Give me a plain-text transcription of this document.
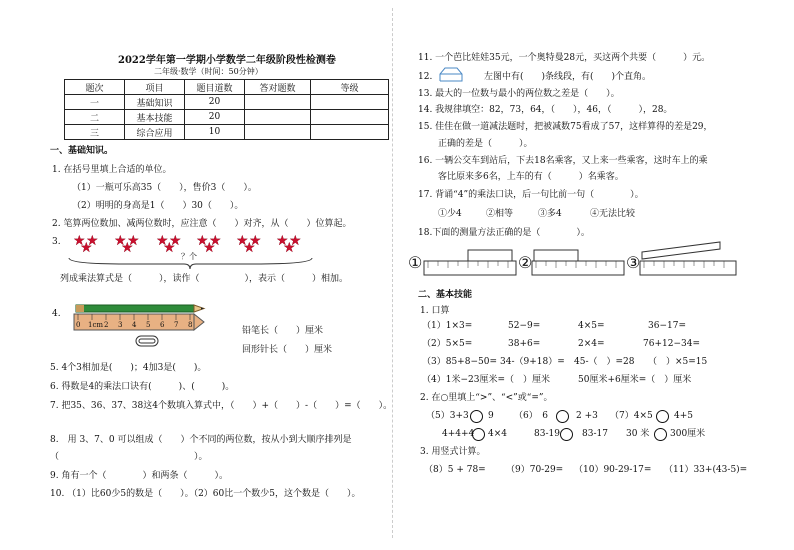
2022学年第一学期小学数学二年级阶段性检测卷
二年级·数学（时间：50分钟）
题次	项目	题目道数	答对题数	等级
一	基础知识	20		
二	基本技能	20		
三	综合应用	10		
一、基础知识。
1. 在括号里填上合适的单位。
（1）一瓶可乐高35（　　），售价3（　　）。
（2）明明的身高是1（　　）30（　　）。
2. 笔算两位数加、减两位数时，应注意（　　）对齐，从（　　）位算起。
3. ★ ★
★ ★ ★
★ ★ ★
★ ★ ★
★ ★ ★
★ ★ ★
★
？个
列成乘法算式是（　　　），读作（　　　　　），表示（　　　）相加。
4.
0 1cm 2 3 4 5 6 7 8
铅笔长（　　）厘米
回形针长（　　）厘米
5. 4个3相加是(　　)；4加3是(　　)。
6. 得数是4的乘法口诀有(　　　)、(　　　)。
7. 把35、36、37、38这4个数填入算式中，（　　）+（　　）-（　　）=（　　）。
8.　用 3、7、0 可以组成（　　）个不同的两位数，按从小到大顺序排列是
（　　　　　　　　　　　　　　　）。
9. 角有一个（　　　　）和两条（　　　）。
10. （1）比60少5的数是（　　）。（2）60比一个数少5，这个数是（　　）。
11. 一个芭比娃娃35元，一个奥特曼28元，买这两个共要（　　　）元。
12.	左图中有(　　)条线段，有(　　)个直角。
13. 最大的一位数与最小的两位数之差是（　　）。
14. 我规律填空：82，73，64，（　　），46，（　　　），28。
15. 佳佳在做一道减法题时，把被减数75看成了57，这样算得的差是29，
正确的差是（　　　）。
16. 一辆公交车到站后，下去18名乘客，又上来一些乘客，这时车上的乘
客比原来多6名，上车的有（　　　）名乘客。
17. 背诵“4”的乘法口诀，后一句比前一句（　　　　）。
①少4	②相等	③多4	④无法比较
18.下面的测量方法正确的是（　　　　）。
①	②	③
二、基本技能
1. 口算
（1）1×3=	52−9=	4×5=	36−17=
（2）5×5=	38+6=	2×4=	76+12−34=
（3）85+8−50= 34-（9+18）= 45-（　）=28 （　）×5=15
（4）1米−23厘米=（　）厘米	50厘米+6厘米=（　）厘米
2. 在○里填上“>”、“<”或“=”。
（5）3+3 9 （6）　6	2 +3 （7）4×5 4+5
4+4+4 4×4	83-19 83-17 30 米 300厘米
3. 用竖式计算。
（8）5 + 78= （9）70-29= （10）90-29-17= （11）33+(43-5)=
